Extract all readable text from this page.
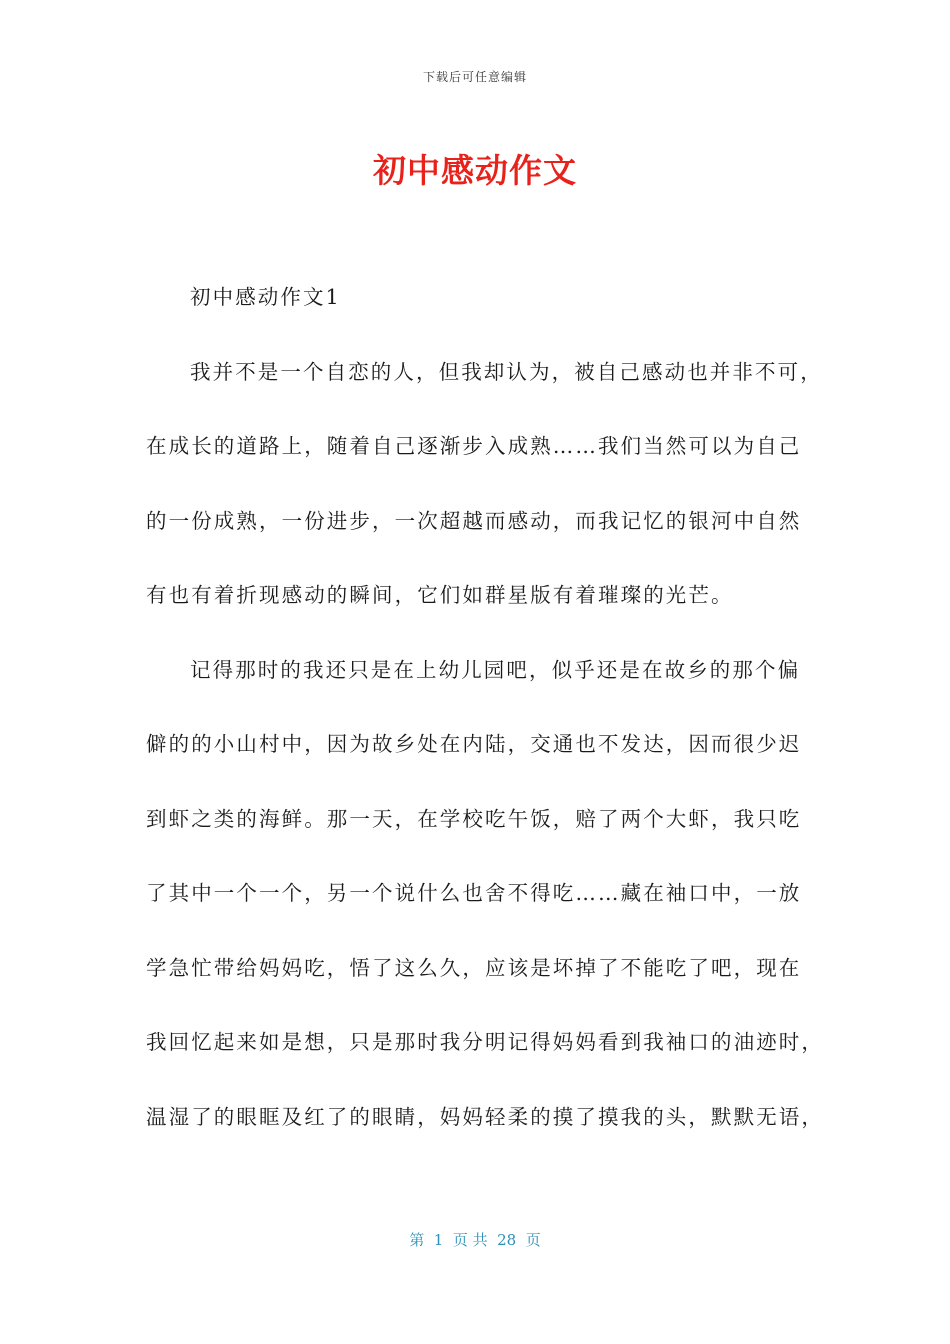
下载后可任意编辑
初中感动作文
初中感动作文1
我并不是一个自恋的人，但我却认为，被自己感动也并非不可，
在成长的道路上，随着自己逐渐步入成熟……我们当然可以为自己
的一份成熟，一份进步，一次超越而感动，而我记忆的银河中自然
有也有着折现感动的瞬间，它们如群星版有着璀璨的光芒。
记得那时的我还只是在上幼儿园吧，似乎还是在故乡的那个偏
僻的的小山村中，因为故乡处在内陆，交通也不发达，因而很少迟
到虾之类的海鲜。那一天，在学校吃午饭，赔了两个大虾，我只吃
了其中一个一个，另一个说什么也舍不得吃……藏在袖口中，一放
学急忙带给妈妈吃，悟了这么久，应该是坏掉了不能吃了吧，现在
我回忆起来如是想，只是那时我分明记得妈妈看到我袖口的油迹时，
温湿了的眼眶及红了的眼睛，妈妈轻柔的摸了摸我的头，默默无语，
第  1  页 共  28  页
